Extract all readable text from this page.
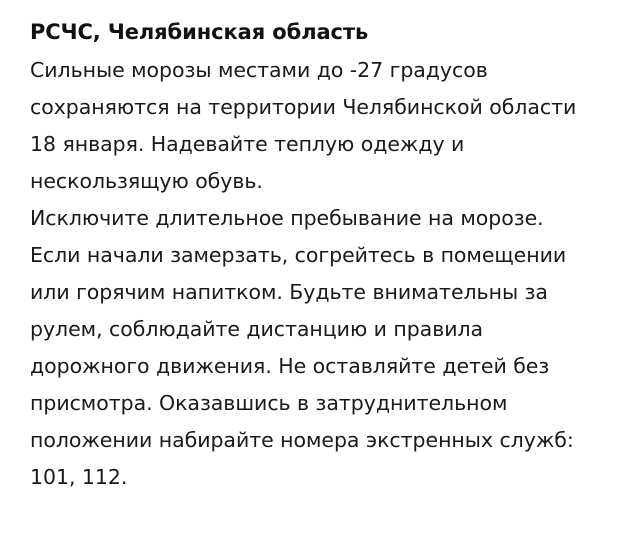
РСЧС, Челябинская область

Сильные морозы местами до -27 градусов сохраняются на территории Челябинской области 18 января. Надевайте теплую одежду и нескользящую обувь.

Исключите длительное пребывание на морозе. Если начали замерзать, согрейтесь в помещении или горячим напитком. Будьте внимательны за рулем, соблюдайте дистанцию и правила дорожного движения. Не оставляйте детей без присмотра. Оказавшись в затруднительном положении набирайте номера экстренных служб: 101, 112.
